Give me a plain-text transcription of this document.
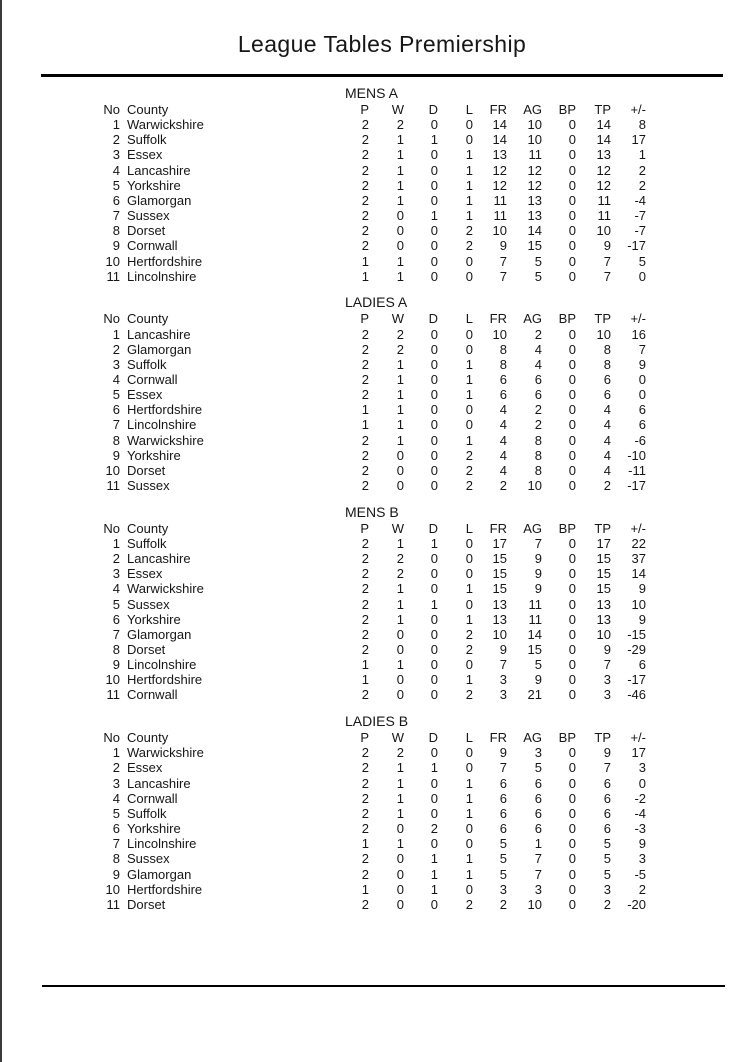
League Tables Premiership
MENS A
No County	P	W	D	L	FR	AG	BP	TP	+/-
1 Warwickshire	2	2	0	0	14	10	0	14	8
2 Suffolk	2	1	1	0	14	10	0	14	17
3 Essex	2	1	0	1	13	11	0	13	1
4 Lancashire	2	1	0	1	12	12	0	12	2
5 Yorkshire	2	1	0	1	12	12	0	12	2
6 Glamorgan	2	1	0	1	11	13	0	11	-4
7 Sussex	2	0	1	1	11	13	0	11	-7
8 Dorset	2	0	0	2	10	14	0	10	-7
9 Cornwall	2	0	0	2	9	15	0	9	-17
10 Hertfordshire	1	1	0	0	7	5	0	7	5
11 Lincolnshire	1	1	0	0	7	5	0	7	0
LADIES A
No County	P	W	D	L	FR	AG	BP	TP	+/-
1 Lancashire	2	2	0	0	10	2	0	10	16
2 Glamorgan	2	2	0	0	8	4	0	8	7
3 Suffolk	2	1	0	1	8	4	0	8	9
4 Cornwall	2	1	0	1	6	6	0	6	0
5 Essex	2	1	0	1	6	6	0	6	0
6 Hertfordshire	1	1	0	0	4	2	0	4	6
7 Lincolnshire	1	1	0	0	4	2	0	4	6
8 Warwickshire	2	1	0	1	4	8	0	4	-6
9 Yorkshire	2	0	0	2	4	8	0	4	-10
10 Dorset	2	0	0	2	4	8	0	4	-11
11 Sussex	2	0	0	2	2	10	0	2	-17
MENS B
No County	P	W	D	L	FR	AG	BP	TP	+/-
1 Suffolk	2	1	1	0	17	7	0	17	22
2 Lancashire	2	2	0	0	15	9	0	15	37
3 Essex	2	2	0	0	15	9	0	15	14
4 Warwickshire	2	1	0	1	15	9	0	15	9
5 Sussex	2	1	1	0	13	11	0	13	10
6 Yorkshire	2	1	0	1	13	11	0	13	9
7 Glamorgan	2	0	0	2	10	14	0	10	-15
8 Dorset	2	0	0	2	9	15	0	9	-29
9 Lincolnshire	1	1	0	0	7	5	0	7	6
10 Hertfordshire	1	0	0	1	3	9	0	3	-17
11 Cornwall	2	0	0	2	3	21	0	3	-46
LADIES B
No County	P	W	D	L	FR	AG	BP	TP	+/-
1 Warwickshire	2	2	0	0	9	3	0	9	17
2 Essex	2	1	1	0	7	5	0	7	3
3 Lancashire	2	1	0	1	6	6	0	6	0
4 Cornwall	2	1	0	1	6	6	0	6	-2
5 Suffolk	2	1	0	1	6	6	0	6	-4
6 Yorkshire	2	0	2	0	6	6	0	6	-3
7 Lincolnshire	1	1	0	0	5	1	0	5	9
8 Sussex	2	0	1	1	5	7	0	5	3
9 Glamorgan	2	0	1	1	5	7	0	5	-5
10 Hertfordshire	1	0	1	0	3	3	0	3	2
11 Dorset	2	0	0	2	2	10	0	2	-20
